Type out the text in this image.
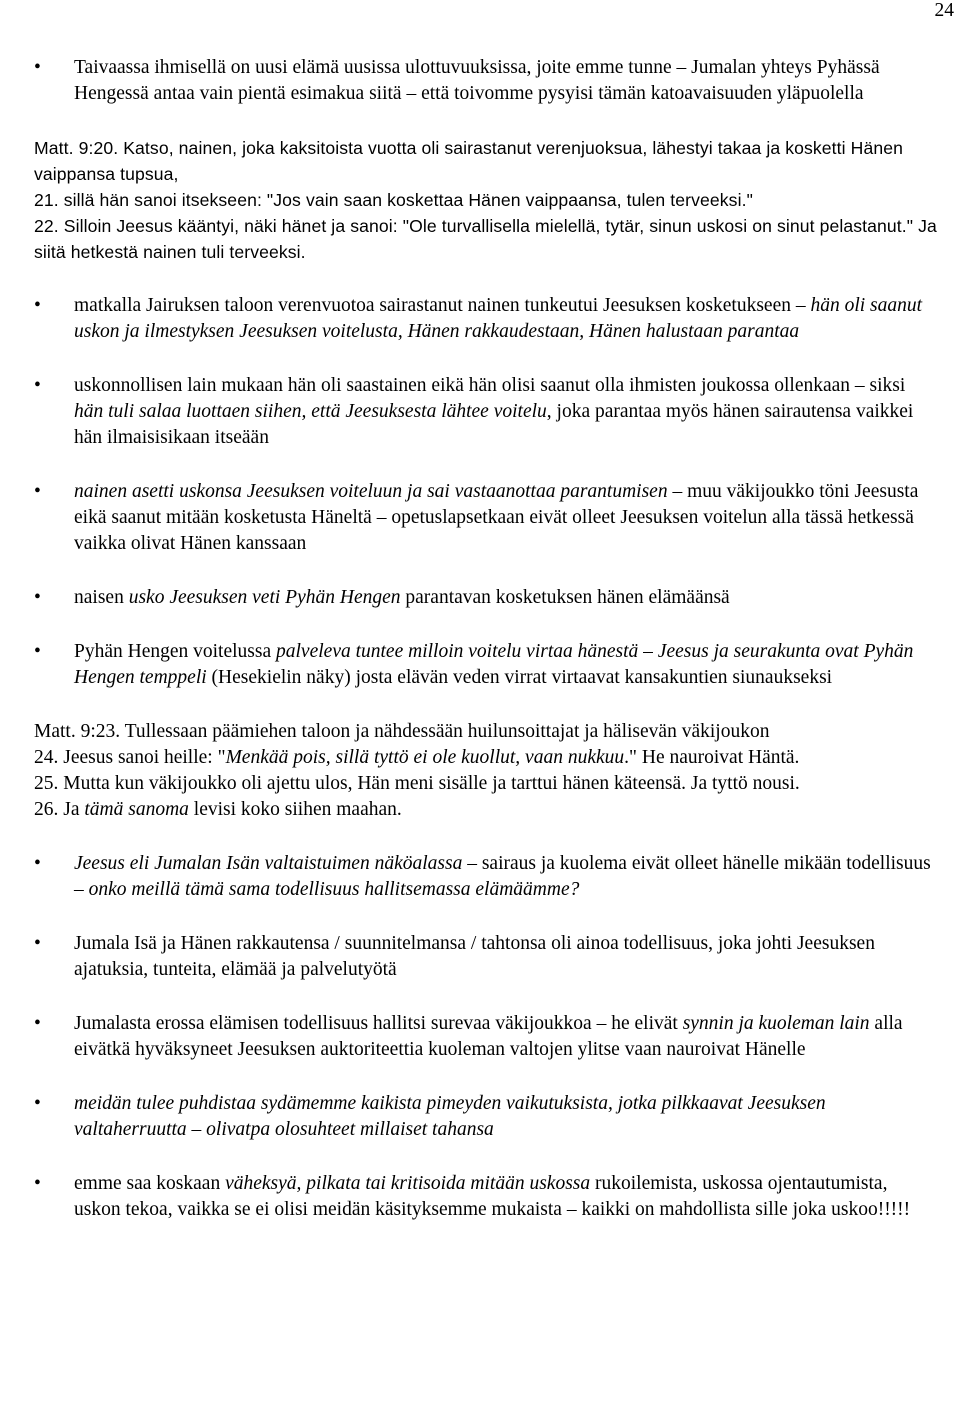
24
• Taivaassa ihmisellä on uusi elämä uusissa ulottuvuuksissa, joite emme tunne – Jumalan yhteys Pyhässä Hengessä antaa vain pientä esimakua siitä – että toivomme pysyisi tämän katoavaisuuden yläpuolella

Matt. 9:20. Katso, nainen, joka kaksitoista vuotta oli sairastanut verenjuoksua, lähestyi takaa ja kosketti Hänen vaippansa tupsua,

21. sillä hän sanoi itsekseen: "Jos vain saan koskettaa Hänen vaippaansa, tulen terveeksi."

22. Silloin Jeesus kääntyi, näki hänet ja sanoi: "Ole turvallisella mielellä, tytär, sinun uskosi on sinut pelastanut." Ja siitä hetkestä nainen tuli terveeksi.

• matkalla Jairuksen taloon verenvuotoa sairastanut nainen tunkeutui Jeesuksen kosketukseen – hän oli saanut uskon ja ilmestyksen Jeesuksen voitelusta, Hänen rakkaudestaan, Hänen halustaan parantaa
• uskonnollisen lain mukaan hän oli saastainen eikä hän olisi saanut olla ihmisten joukossa ollenkaan – siksi hän tuli salaa luottaen siihen, että Jeesuksesta lähtee voitelu, joka parantaa myös hänen sairautensa vaikkei hän ilmaisisikaan itseään
• nainen asetti uskonsa Jeesuksen voiteluun ja sai vastaanottaa parantumisen – muu väkijoukko töni Jeesusta eikä saanut mitään kosketusta Häneltä – opetuslapsetkaan eivät olleet Jeesuksen voitelun alla tässä hetkessä vaikka olivat Hänen kanssaan
• naisen usko Jeesuksen veti Pyhän Hengen parantavan kosketuksen hänen elämäänsä
• Pyhän Hengen voitelussa palveleva tuntee milloin voitelu virtaa hänestä – Jeesus ja seurakunta ovat Pyhän Hengen temppeli (Hesekielin näky) josta elävän veden virrat virtaavat kansakuntien siunaukseksi

Matt. 9:23. Tullessaan päämiehen taloon ja nähdessään huilunsoittajat ja hälisevän väkijoukon

24. Jeesus sanoi heille: "Menkää pois, sillä tyttö ei ole kuollut, vaan nukkuu." He nauroivat Häntä.

25. Mutta kun väkijoukko oli ajettu ulos, Hän meni sisälle ja tarttui hänen käteensä. Ja tyttö nousi.

26. Ja tämä sanoma levisi koko siihen maahan.

• Jeesus eli Jumalan Isän valtaistuimen näköalassa – sairaus ja kuolema eivät olleet hänelle mikään todellisuus – onko meillä tämä sama todellisuus hallitsemassa elämäämme?
• Jumala Isä ja Hänen rakkautensa / suunnitelmansa / tahtonsa oli ainoa todellisuus, joka johti Jeesuksen ajatuksia, tunteita, elämää ja palvelutyötä
• Jumalasta erossa elämisen todellisuus hallitsi surevaa väkijoukkoa – he elivät synnin ja kuoleman lain alla eivätkä hyväksyneet Jeesuksen auktoriteettia kuoleman valtojen ylitse vaan nauroivat Hänelle
• meidän tulee puhdistaa sydämemme kaikista pimeyden vaikutuksista, jotka pilkkaavat Jeesuksen valtaherruutta – olivatpa olosuhteet millaiset tahansa
• emme saa koskaan väheksyä, pilkata tai kritisoida mitään uskossa rukoilemista, uskossa ojentautumista, uskon tekoa, vaikka se ei olisi meidän käsityksemme mukaista – kaikki on mahdollista sille joka uskoo!!!!!
